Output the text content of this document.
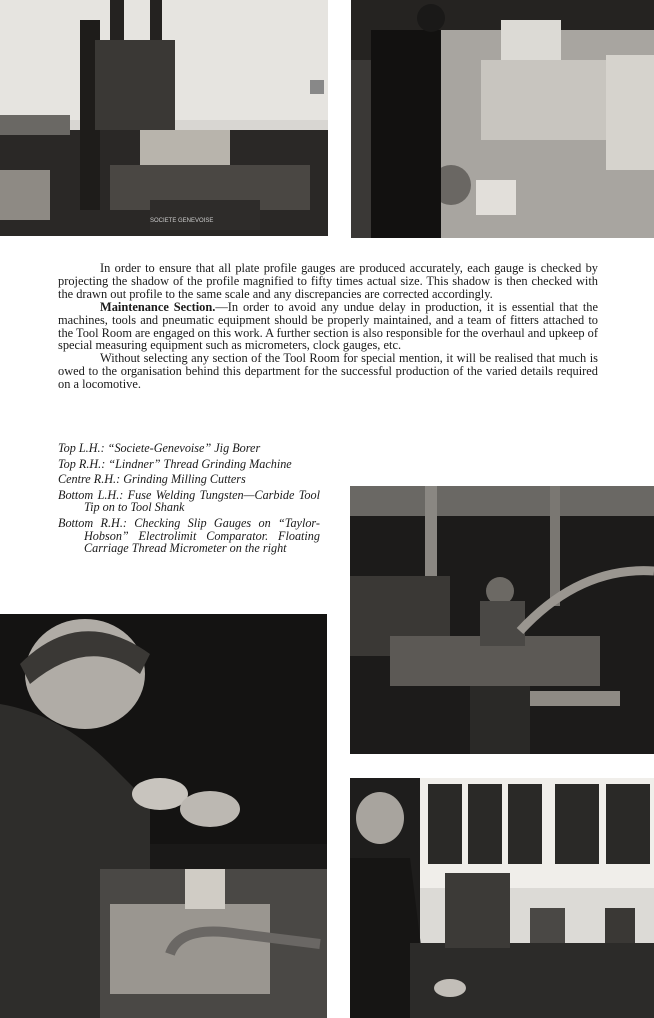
SOCIETE GENEVOISE

In order to ensure that all plate profile gauges are produced accurately, each gauge is checked by projecting the shadow of the profile magnified to fifty times actual size. This shadow is then checked with the drawn out profile to the same scale and any discrepancies are corrected accordingly.

Maintenance Section.—In order to avoid any undue delay in production, it is essential that the machines, tools and pneumatic equipment should be properly maintained, and a team of fitters attached to the Tool Room are engaged on this work. A further section is also responsible for the overhaul and upkeep of special measuring equipment such as micrometers, clock gauges, etc.

Without selecting any section of the Tool Room for special mention, it will be realised that much is owed to the organisation behind this department for the successful production of the varied details required on a locomotive.

Top L.H.: “Societe-Genevoise” Jig Borer

Top R.H.: “Lindner” Thread Grinding Machine

Centre R.H.: Grinding Milling Cutters

Bottom L.H.: Fuse Welding Tungsten—Carbide Tool Tip on to Tool Shank

Bottom R.H.: Checking Slip Gauges on “Taylor-Hobson” Electrolimit Comparator. Floating Carriage Thread Micrometer on the right
